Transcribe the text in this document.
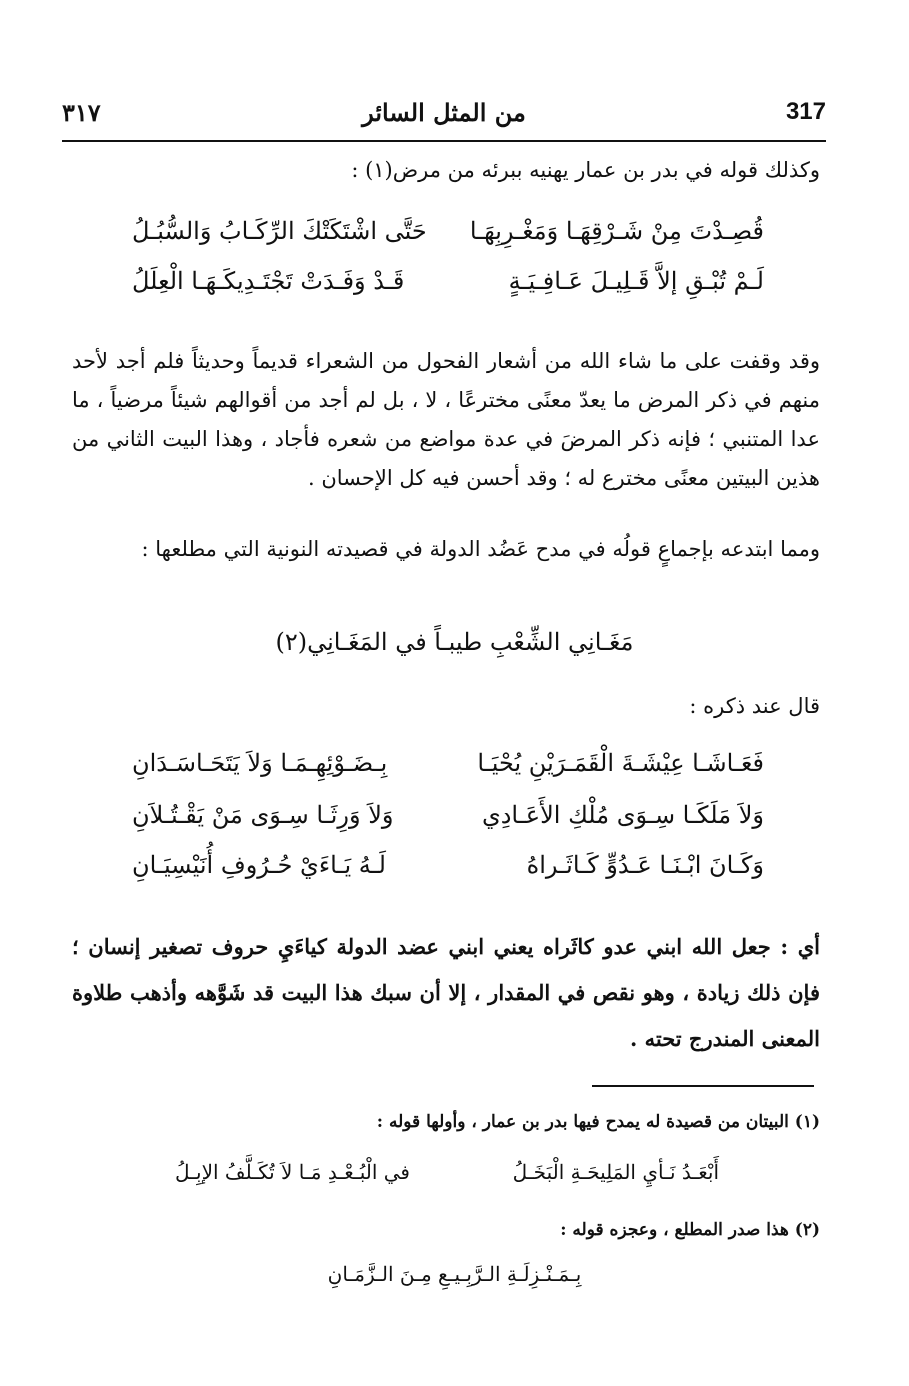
٣١٧	من المثل السائر	317
وكذلك قوله في بدر بن عمار يهنيه ببرئه من مرض(١) :
قُصِـدْتَ مِنْ شَـرْقِهَـا وَمَغْـرِبِهَـا
حَتَّى اشْتَكَتْكَ الرِّكَـابُ وَالسُّبُـلُ
لَـمْ تُبْـقِ إلاَّ قَـلِيـلَ عَـافِـيَـةٍ
قَـدْ وَفَـدَتْ تَجْتَـدِيكَـهَـا الْعِلَلُ
وقد وقفت على ما شاء الله من أشعار الفحول من الشعراء قديماً وحديثاً فلم أجد لأحد منهم في ذكر المرض ما يعدّ معنًى مخترعًا ، لا ، بل لم أجد من أقوالهم شيئاً مرضياً ، ما عدا المتنبي ؛ فإنه ذكر المرضَ في عدة مواضع من شعره فأجاد ، وهذا البيت الثاني من هذين البيتين معنًى مخترع له ؛ وقد أحسن فيه كل الإحسان .
ومما ابتدعه بإجماعٍ قولُه في مدح عَضُد الدولة في قصيدته النونية التي مطلعها :
مَغَـانِي الشِّعْبِ طيبـاً في المَغَـانِي(٢)
قال عند ذكره :
فَعَـاشَـا عِيْشَـةَ الْقَمَـرَيْنِ يُحْيَـا
بِـضَـوْئِهِـمَـا وَلاَ يَتَحَـاسَـدَانِ
وَلاَ مَلَكَـا سِـوَى مُلْكِ الأَعَـادِي
وَلاَ وَرِثَـا سِـوَى مَنْ يَقْـتُـلاَنِ
وَكَـانَ ابْـنَـا عَـدُوٍّ كَـاثَـراهُ
لَـهُ يَـاءَيْ حُـرُوفِ أُنَيْسِيَـانِ
أي : جعل الله ابني عدو كاثَراه يعني ابني عضد الدولة كياءَيِ حروف تصغير إنسان ؛ فإن ذلك زيادة ، وهو نقص في المقدار ، إلا أن سبك هذا البيت قد شَوَّهه وأذهب طلاوة المعنى المندرج تحته .
(١) البيتان من قصيدة له يمدح فيها بدر بن عمار ، وأولها قوله :
أَبْعَـدُ نَـأيِ المَلِيحَـةِ الْبَخَـلُ
في الْبُـعْـدِ مَـا لاَ تُكَـلَّفُ الإبِـلُ
(٢) هذا صدر المطلع ، وعجزه قوله :
بِـمَـنْـزِلَـةِ الـرَّبِـيـعِ مِـنَ الـزَّمَـانِ
